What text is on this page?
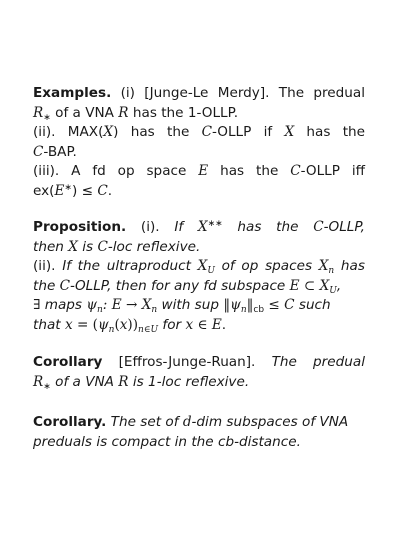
Examples. (i) [Junge-Le Merdy]. The predual
$R_∗$ of a VNA R has the 1-OLLP.
(ii). MAX(X) has the C-OLLP if X has the
C-BAP.
(iii). A fd op space E has the C-OLLP iff
ex(E∗) ≤ C.
Proposition. (i). If X∗∗ has the C-OLLP,
then X is C-loc reflexive.
(ii). If the ultraproduct $X_U$ of op spaces $X_n$ has
the C-OLLP, then for any fd subspace E ⊂ $X_U$,
∃ maps $\psi_n$: $E \to X_n$ with sup $‖\psi_n‖_{cb} \le C$ such
that $x = (\psi_n(x))_{n\in U}$ for x ∈ E.
Corollary [Effros-Junge-Ruan]. The predual
$R_∗$ of a VNA R is 1-loc reflexive.
Corollary. The set of d-dim subspaces of VNA
preduals is compact in the cb-distance.
